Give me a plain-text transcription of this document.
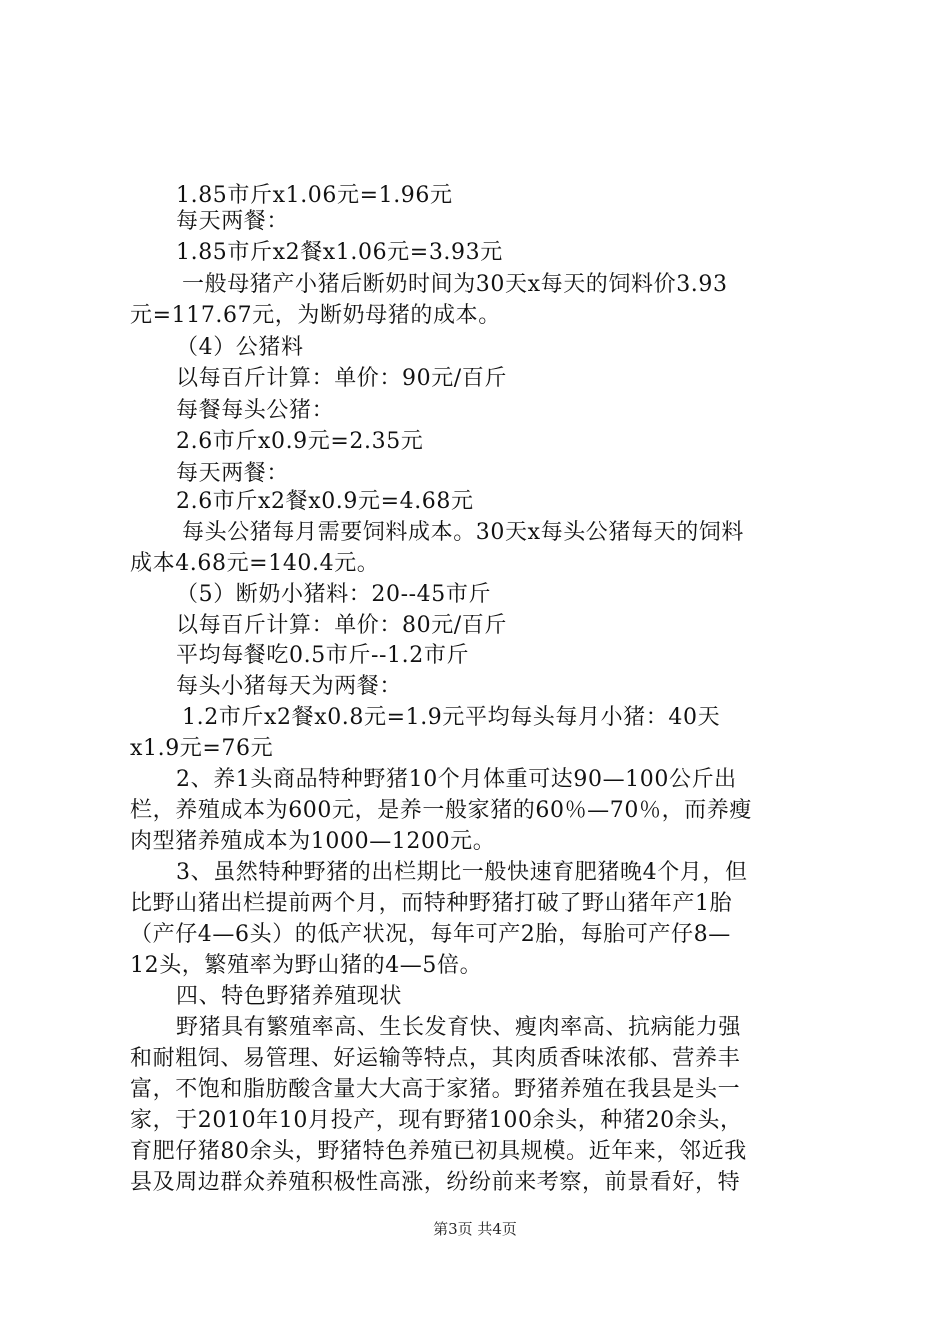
1.85市斤x1.06元=1.96元
每天两餐：
1.85市斤x2餐x1.06元=3.93元
一般母猪产小猪后断奶时间为30天x每天的饲料价3.93
元=117.67元，为断奶母猪的成本。
（4）公猪料
以每百斤计算：单价：90元/百斤
每餐每头公猪：
2.6市斤x0.9元=2.35元
每天两餐：
2.6市斤x2餐x0.9元=4.68元
每头公猪每月需要饲料成本。30天x每头公猪每天的饲料
成本4.68元=140.4元。
（5）断奶小猪料：20--45市斤
以每百斤计算：单价：80元/百斤
平均每餐吃0.5市斤--1.2市斤
每头小猪每天为两餐：
1.2市斤x2餐x0.8元=1.9元平均每头每月小猪：40天
x1.9元=76元
2、养1头商品特种野猪10个月体重可达90—100公斤出
栏，养殖成本为600元，是养一般家猪的60％—70％，而养瘦
肉型猪养殖成本为1000—1200元。
3、虽然特种野猪的出栏期比一般快速育肥猪晚4个月，但
比野山猪出栏提前两个月，而特种野猪打破了野山猪年产1胎
（产仔4—6头）的低产状况，每年可产2胎，每胎可产仔8—
12头，繁殖率为野山猪的4—5倍。
四、特色野猪养殖现状
野猪具有繁殖率高、生长发育快、瘦肉率高、抗病能力强
和耐粗饲、易管理、好运输等特点，其肉质香味浓郁、营养丰
富，不饱和脂肪酸含量大大高于家猪。野猪养殖在我县是头一
家，于2010年10月投产，现有野猪100余头，种猪20余头，
育肥仔猪80余头，野猪特色养殖已初具规模。近年来，邻近我
县及周边群众养殖积极性高涨，纷纷前来考察，前景看好，特
第3页 共4页
